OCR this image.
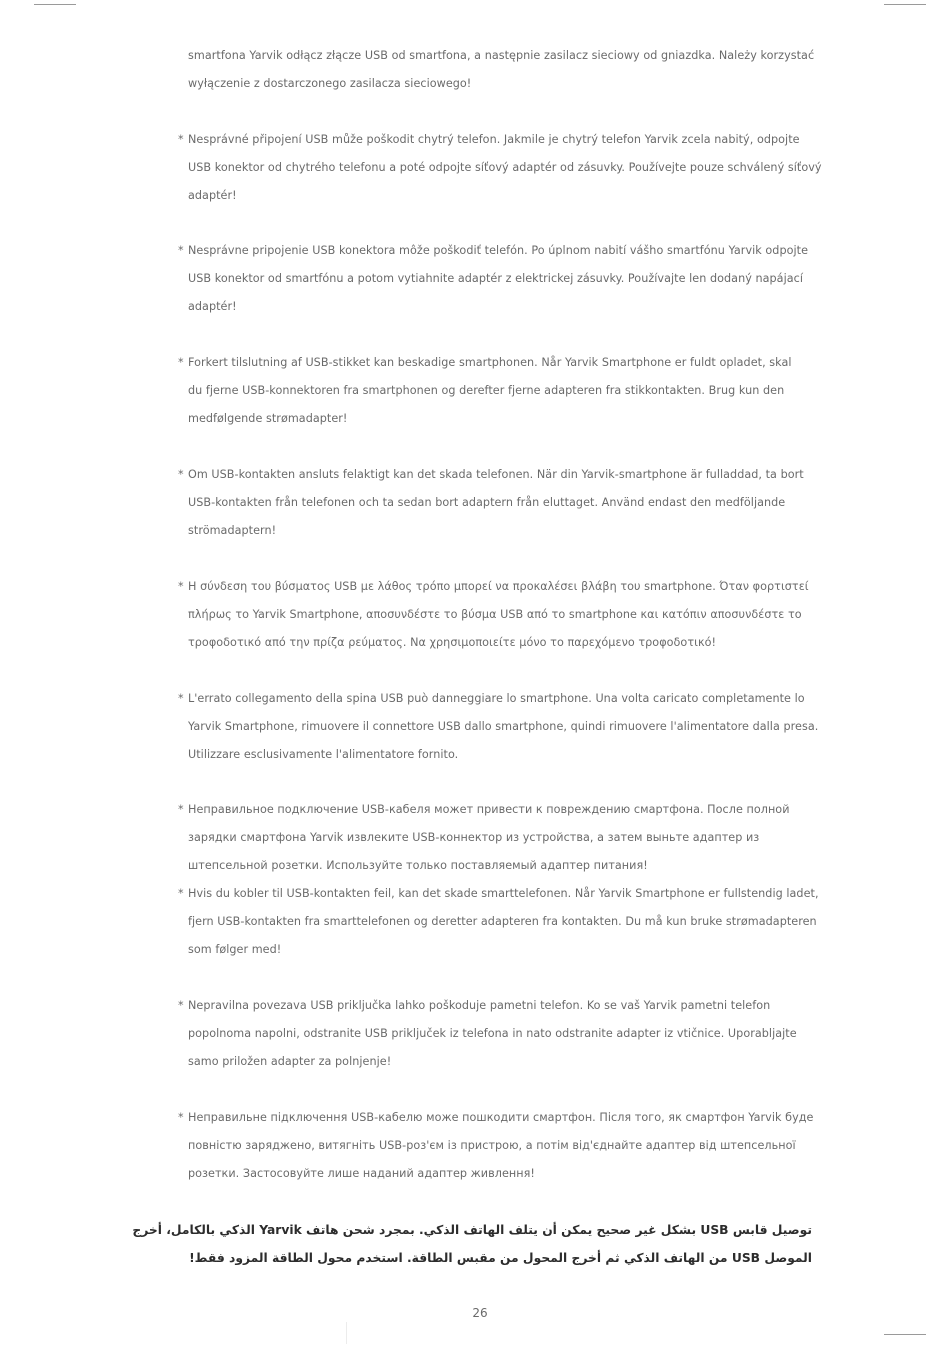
smartfona Yarvik odłącz złącze USB od smartfona, a następnie zasilacz sieciowy od gniazdka. Należy korzystać
wyłączenie z dostarczonego zasilacza sieciowego!
* Nesprávné připojení USB může poškodit chytrý telefon. Jakmile je chytrý telefon Yarvik zcela nabitý, odpojte
USB konektor od chytrého telefonu a poté odpojte síťový adaptér od zásuvky. Používejte pouze schválený síťový
adaptér!
* Nesprávne pripojenie USB konektora môže poškodiť telefón. Po úplnom nabití vášho smartfónu Yarvik odpojte
USB konektor od smartfónu a potom vytiahnite adaptér z elektrickej zásuvky. Používajte len dodaný napájací
adaptér!
* Forkert tilslutning af USB-stikket kan beskadige smartphonen. Når Yarvik Smartphone er fuldt opladet, skal
du fjerne USB-konnektoren fra smartphonen og derefter fjerne adapteren fra stikkontakten. Brug kun den
medfølgende strømadapter!
* Om USB-kontakten ansluts felaktigt kan det skada telefonen. När din Yarvik-smartphone är fulladdad, ta bort
USB-kontakten från telefonen och ta sedan bort adaptern från eluttaget. Använd endast den medföljande
strömadaptern!
* Η σύνδεση του βύσματος USB με λάθος τρόπο μπορεί να προκαλέσει βλάβη του smartphone. Όταν φορτιστεί
πλήρως το Yarvik Smartphone, αποσυνδέστε το βύσμα USB από το smartphone και κατόπιν αποσυνδέστε το
τροφοδοτικό από την πρίζα ρεύματος. Να χρησιμοποιείτε μόνο το παρεχόμενο τροφοδοτικό!
* L'errato collegamento della spina USB può danneggiare lo smartphone. Una volta caricato completamente lo
Yarvik Smartphone, rimuovere il connettore USB dallo smartphone, quindi rimuovere l'alimentatore dalla presa.
Utilizzare esclusivamente l'alimentatore fornito.
* Неправильное подключение USB-кабеля может привести к повреждению смартфона. После полной
зарядки смартфона Yarvik извлеките USB-коннектор из устройства, а затем выньте адаптер из
штепсельной розетки. Используйте только поставляемый адаптер питания!
* Hvis du kobler til USB-kontakten feil, kan det skade smarttelefonen. Når Yarvik Smartphone er fullstendig ladet,
fjern USB-kontakten fra smarttelefonen og deretter adapteren fra kontakten. Du må kun bruke strømadapteren
som følger med!
* Nepravilna povezava USB priključka lahko poškoduje pametni telefon. Ko se vaš Yarvik pametni telefon
popolnoma napolni, odstranite USB priključek iz telefona in nato odstranite adapter iz vtičnice. Uporabljajte
samo priložen adapter za polnjenje!
* Неправильне підключення USB-кабелю може пошкодити смартфон. Після того, як смартфон Yarvik буде
повністю заряджено, витягніть USB-роз'єм із пристрою, а потім від'єднайте адаптер від штепсельної
розетки. Застосовуйте лише наданий адаптер живлення!
توصيل قابس USB بشكل غير صحيح يمكن أن يتلف الهاتف الذكي. بمجرد شحن هاتف Yarvik الذكي بالكامل، أخرج
الموصل USB من الهاتف الذكي ثم أخرج المحول من مقبس الطاقة. استخدم محول الطاقة المزود فقط!
26
